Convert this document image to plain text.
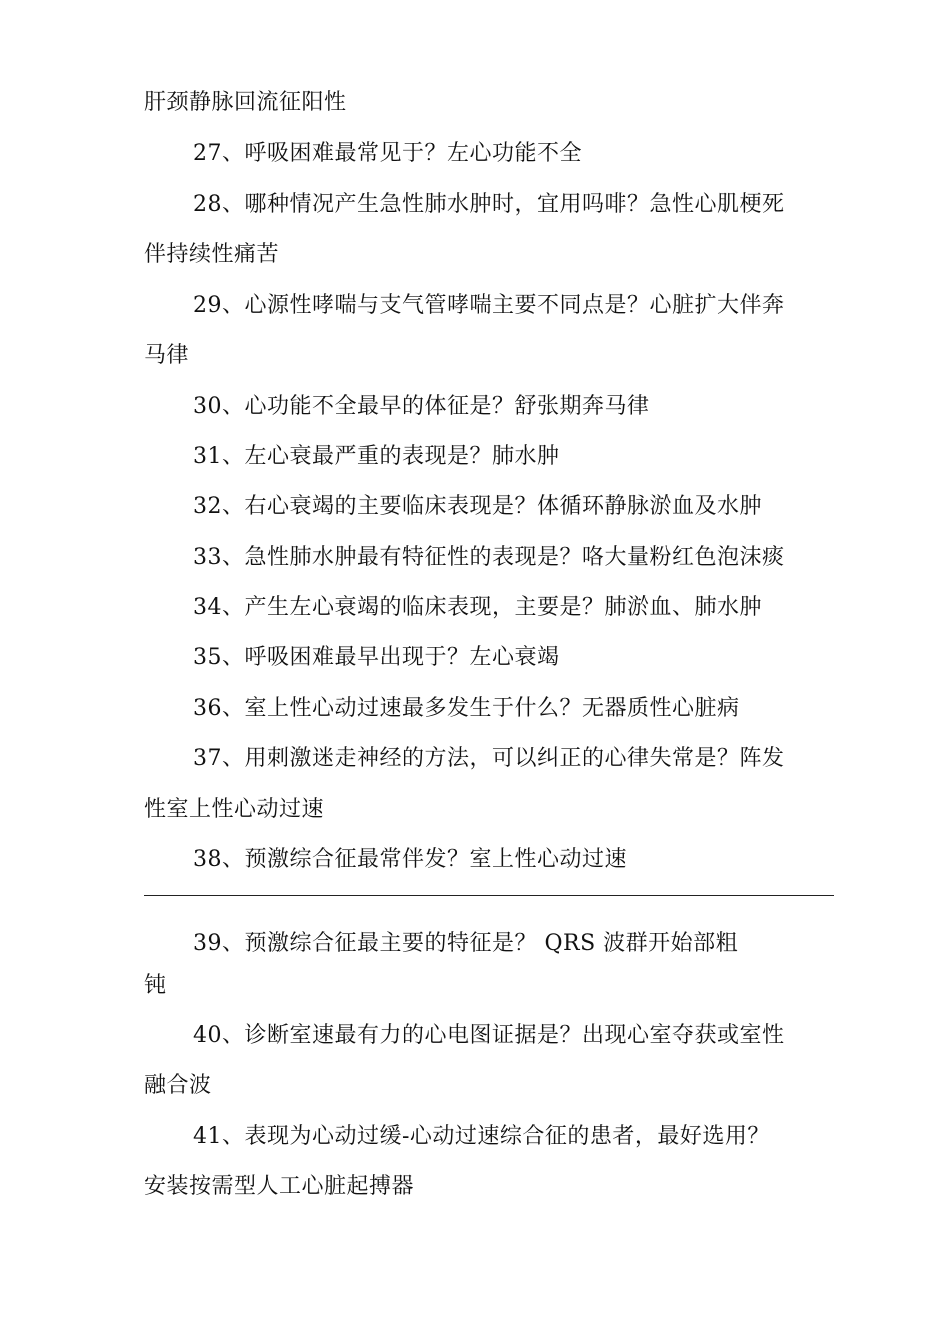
肝颈静脉回流征阳性
27、呼吸困难最常见于？左心功能不全
28、哪种情况产生急性肺水肿时，宜用吗啡？急性心肌梗死
伴持续性痛苦
29、心源性哮喘与支气管哮喘主要不同点是？心脏扩大伴奔
马律
30、心功能不全最早的体征是？舒张期奔马律
31、左心衰最严重的表现是？肺水肿
32、右心衰竭的主要临床表现是？体循环静脉淤血及水肿
33、急性肺水肿最有特征性的表现是？咯大量粉红色泡沫痰
34、产生左心衰竭的临床表现，主要是？肺淤血、肺水肿
35、呼吸困难最早出现于？左心衰竭
36、室上性心动过速最多发生于什么？无器质性心脏病
37、用刺激迷走神经的方法，可以纠正的心律失常是？阵发
性室上性心动过速
38、预激综合征最常伴发？室上性心动过速
39、预激综合征最主要的特征是？ QRS 波群开始部粗
钝
40、诊断室速最有力的心电图证据是？出现心室夺获或室性
融合波
41、表现为心动过缓-心动过速综合征的患者，最好选用？
安装按需型人工心脏起搏器
